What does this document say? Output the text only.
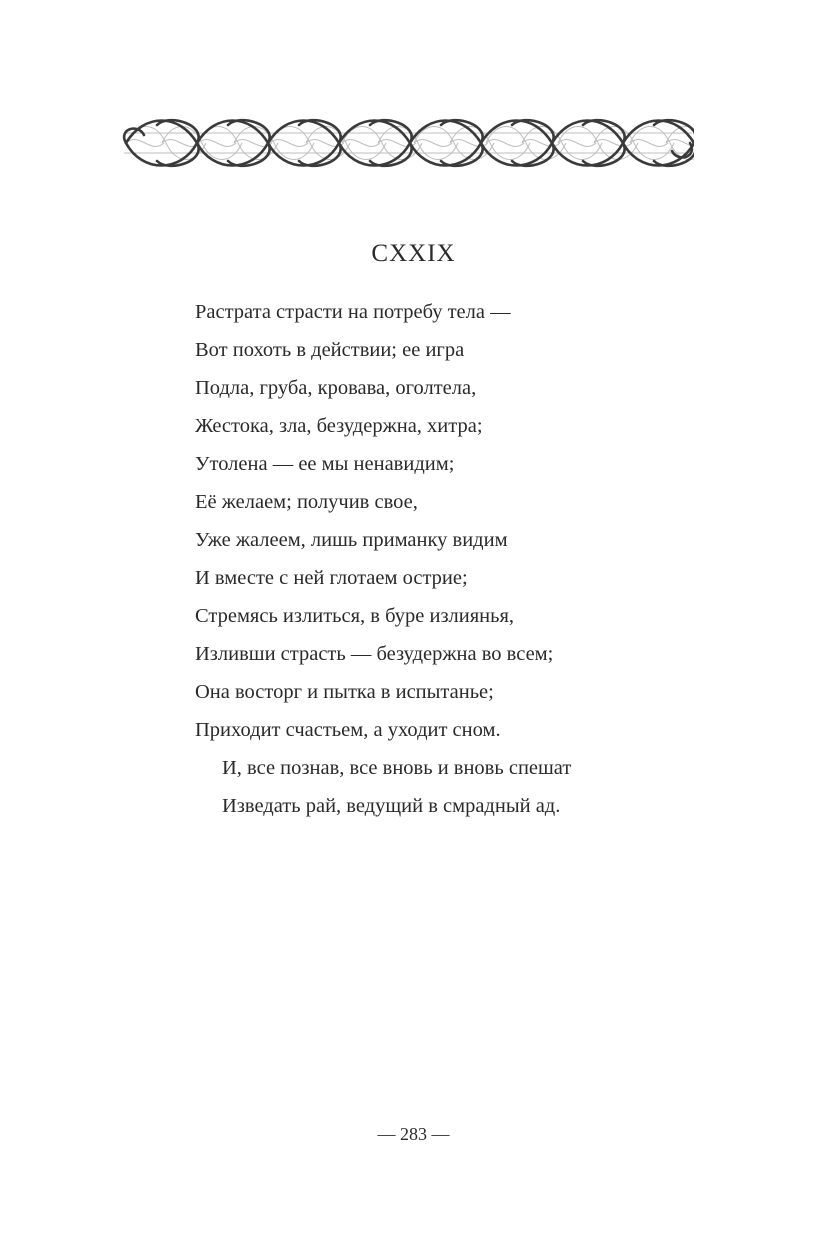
CXXIX
Растрата страсти на потребу тела —
Вот похоть в действии; ее игра
Подла, груба, кровава, оголтела,
Жестока, зла, безудержна, хитра;
Утолена — ее мы ненавидим;
Её желаем; получив свое,
Уже жалеем, лишь приманку видим
И вместе с ней глотаем острие;
Стремясь излиться, в буре излиянья,
Изливши страсть — безудержна во всем;
Она восторг и пытка в испытанье;
Приходит счастьем, а уходит сном.
И, все познав, все вновь и вновь спешат
Изведать рай, ведущий в смрадный ад.
— 283 —
